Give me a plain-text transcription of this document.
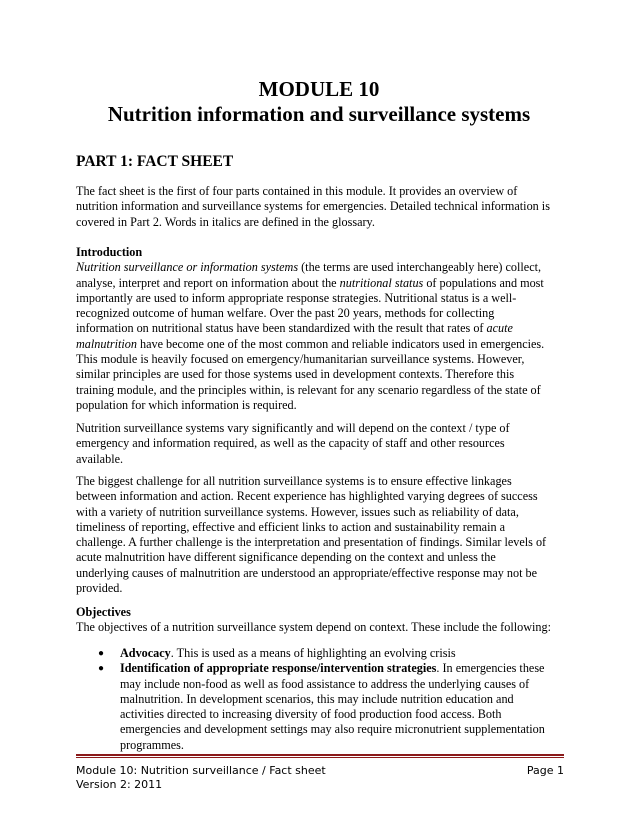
MODULE 10
Nutrition information and surveillance systems
PART 1: FACT SHEET
The fact sheet is the first of four parts contained in this module. It provides an overview of
nutrition information and surveillance systems for emergencies. Detailed technical information is
covered in Part 2. Words in italics are defined in the glossary.
Introduction
Nutrition surveillance or information systems (the terms are used interchangeably here) collect,
analyse, interpret and report on information about the nutritional status of populations and most
importantly are used to inform appropriate response strategies. Nutritional status is a well-
recognized outcome of human welfare. Over the past 20 years, methods for collecting
information on nutritional status have been standardized with the result that rates of acute
malnutrition have become one of the most common and reliable indicators used in emergencies.
This module is heavily focused on emergency/humanitarian surveillance systems. However,
similar principles are used for those systems used in development contexts. Therefore this
training module, and the principles within, is relevant for any scenario regardless of the state of
population for which information is required.
Nutrition surveillance systems vary significantly and will depend on the context / type of
emergency and information required, as well as the capacity of staff and other resources
available.
The biggest challenge for all nutrition surveillance systems is to ensure effective linkages
between information and action. Recent experience has highlighted varying degrees of success
with a variety of nutrition surveillance systems. However, issues such as reliability of data,
timeliness of reporting, effective and efficient links to action and sustainability remain a
challenge. A further challenge is the interpretation and presentation of findings. Similar levels of
acute malnutrition have different significance depending on the context and unless the
underlying causes of malnutrition are understood an appropriate/effective response may not be
provided.
Objectives
The objectives of a nutrition surveillance system depend on context. These include the following:
●	Advocacy. This is used as a means of highlighting an evolving crisis
●	Identification of appropriate response/intervention strategies. In emergencies these
may include non-food as well as food assistance to address the underlying causes of
malnutrition. In development scenarios, this may include nutrition education and
activities directed to increasing diversity of food production food access. Both
emergencies and development settings may also require micronutrient supplementation
programmes.
Module 10: Nutrition surveillance / Fact sheet
Version 2: 2011
Page 1
